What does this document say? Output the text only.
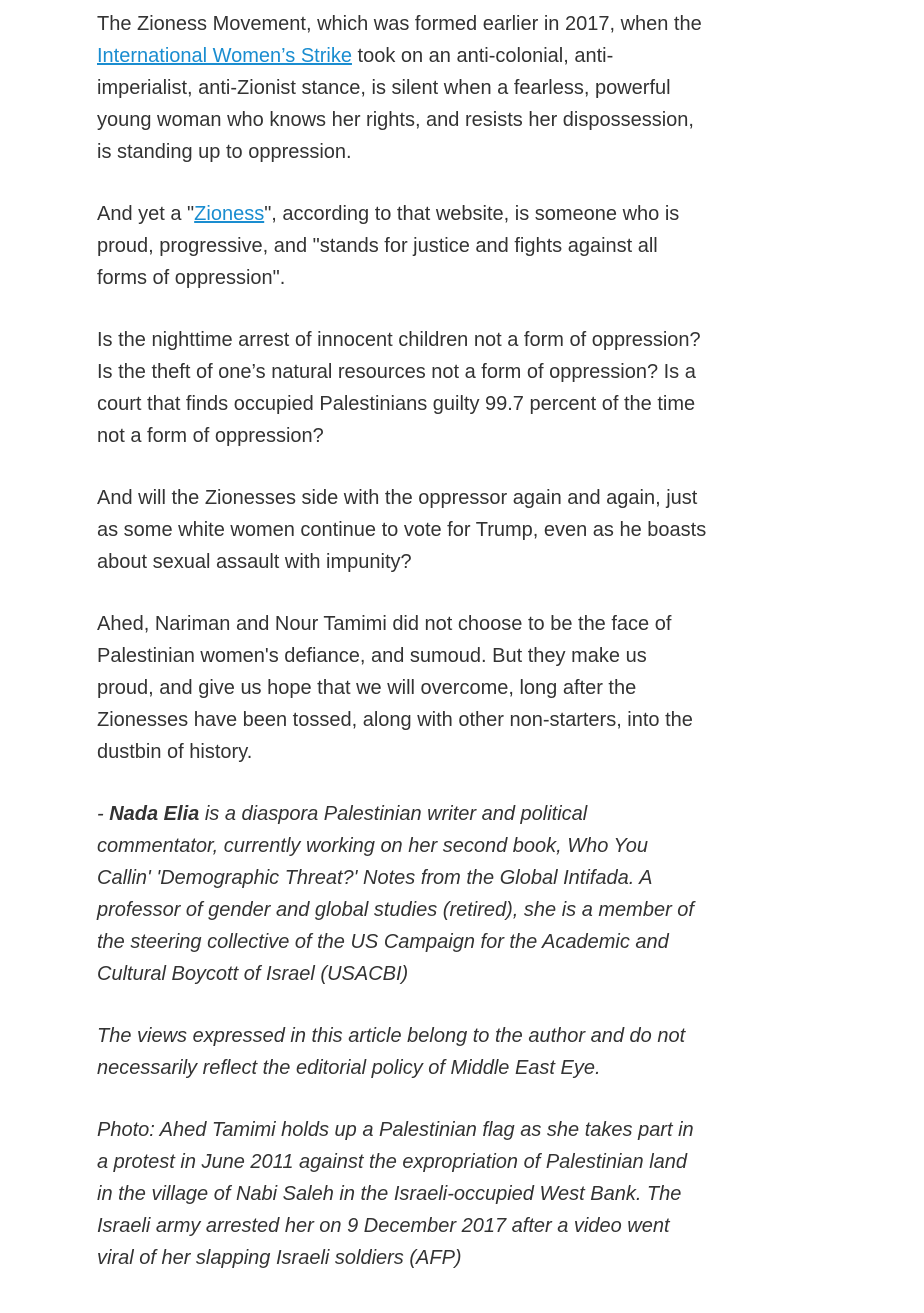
The Zioness Movement, which was formed earlier in 2017, when the International Women’s Strike took on an anti-colonial, anti-imperialist, anti-Zionist stance, is silent when a fearless, powerful young woman who knows her rights, and resists her dispossession, is standing up to oppression.

And yet a "Zioness", according to that website, is someone who is proud, progressive, and "stands for justice and fights against all forms of oppression".

Is the nighttime arrest of innocent children not a form of oppression? Is the theft of one’s natural resources not a form of oppression? Is a court that finds occupied Palestinians guilty 99.7 percent of the time not a form of oppression?

And will the Zionesses side with the oppressor again and again, just as some white women continue to vote for Trump, even as he boasts about sexual assault with impunity?

Ahed, Nariman and Nour Tamimi did not choose to be the face of Palestinian women's defiance, and sumoud. But they make us proud, and give us hope that we will overcome, long after the Zionesses have been tossed, along with other non-starters, into the dustbin of history.

- Nada Elia is a diaspora Palestinian writer and political commentator, currently working on her second book, Who You Callin' 'Demographic Threat?' Notes from the Global Intifada. A professor of gender and global studies (retired), she is a member of the steering collective of the US Campaign for the Academic and Cultural Boycott of Israel (USACBI)

The views expressed in this article belong to the author and do not necessarily reflect the editorial policy of Middle East Eye.

Photo: Ahed Tamimi holds up a Palestinian flag as she takes part in a protest in June 2011 against the expropriation of Palestinian land in the village of Nabi Saleh in the Israeli-occupied West Bank. The Israeli army arrested her on 9 December 2017 after a video went viral of her slapping Israeli soldiers (AFP)
